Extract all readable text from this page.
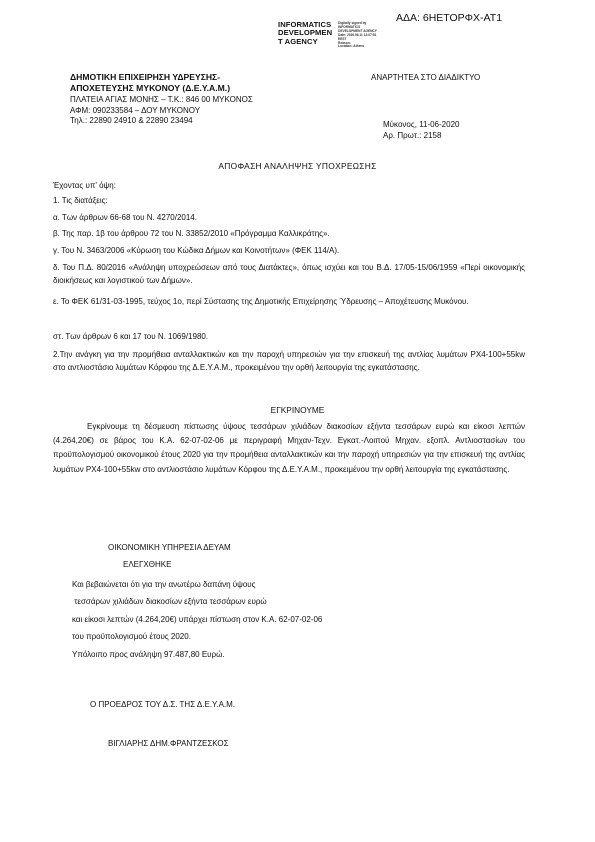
ΑΔΑ: 6ΗΕΤΟΡΦΧ-ΑΤ1
INFORMATICS
DEVELOPMEN
T AGENCY
Digitally signed by
INFORMATICS
DEVELOPMENT AGENCY
Date: 2020.06.11 12:07:51
EEST
Reason:
Location: Athens
ΔΗΜΟΤΙΚΗ ΕΠΙΧΕΙΡΗΣΗ ΥΔΡΕΥΣΗΣ-
ΑΠΟΧΕΤΕΥΣΗΣ ΜΥΚΟΝΟΥ (Δ.Ε.Υ.Α.Μ.)
ΠΛΑΤΕΙΑ ΑΓΙΑΣ ΜΟΝΗΣ – Τ.Κ.: 846 00 ΜΥΚΟΝΟΣ
ΑΦΜ: 090233584 – ΔΟΥ ΜΥΚΟΝΟΥ
Τηλ.: 22890 24910 & 22890 23494
ΑΝΑΡΤΗΤΕΑ ΣΤΟ ΔΙΑΔΙΚΤΥΟ
Μύκονος, 11-06-2020
Αρ. Πρωτ.: 2158
ΑΠΟΦΑΣΗ ΑΝΑΛΗΨΗΣ ΥΠΟΧΡΕΩΣΗΣ
Έχοντας υπ' όψη:
1. Τις διατάξεις:
α. Των άρθρων 66-68 του Ν. 4270/2014.
β. Της παρ. 1β του άρθρου 72 του Ν. 33852/2010 «Πρόγραμμα Καλλικράτης».
γ. Του Ν. 3463/2006 «Κύρωση του Κώδικα Δήμων και Κοινοτήτων» (ΦΕΚ 114/Α).
δ. Του Π.Δ. 80/2016 «Ανάληψη υποχρεώσεων από τους Διατάκτες», όπως ισχύει και του Β.Δ. 17/05-15/06/1959 «Περί οικονομικής διοικήσεως και λογιστικού των Δήμων».
ε. Το ΦΕΚ 61/31-03-1995, τεύχος 1ο, περί Σύστασης της Δημοτικής Επιχείρησης Ύδρευσης – Αποχέτευσης Μυκόνου.
στ. Των άρθρων 6 και 17 του Ν. 1069/1980.
2.Την ανάγκη για την προμήθεια ανταλλακτικών και την παροχή υπηρεσιών για την επισκευή της αντλίας λυμάτων PX4-100+55kw στο αντλιοστάσιο λυμάτων Κόρφου της Δ.Ε.Υ.Α.Μ., προκειμένου την ορθή λειτουργία της εγκατάστασης.
ΕΓΚΡΙΝΟΥΜΕ
Εγκρίνουμε τη δέσμευση πίστωσης ύψους τεσσάρων χιλιάδων διακοσίων εξήντα τεσσάρων ευρώ και είκοσι λεπτών (4.264,20€) σε βάρος του Κ.Α. 62-07-02-06 με περιγραφή Μηχαν-Τεχν. Εγκατ.-Λοιπού Μηχαν. εξοπλ. Αντλιοστασίων του προϋπολογισμού οικονομικού έτους 2020 για την προμήθεια ανταλλακτικών και την παροχή υπηρεσιών για την επισκευή της αντλίας λυμάτων PX4-100+55kw στο αντλιοστάσιο λυμάτων Κόρφου της Δ.Ε.Υ.Α.Μ., προκειμένου την ορθή λειτουργία της εγκατάστασης.
ΟΙΚΟΝΟΜΙΚΗ ΥΠΗΡΕΣΙΑ ΔΕΥΑΜ
ΕΛΕΓΧΘΗΚΕ
Και βεβαιώνεται ότι για την ανωτέρω δαπάνη ύψους
τεσσάρων χιλιάδων διακοσίων εξήντα τεσσάρων ευρώ
και είκοσι λεπτών (4.264,20€) υπάρχει πίστωση στον Κ.Α. 62-07-02-06
του προϋπολογισμού έτους 2020.
Υπόλοιπο προς ανάληψη 97.487,80 Ευρώ.
Ο ΠΡΟΕΔΡΟΣ ΤΟΥ Δ.Σ. ΤΗΣ Δ.Ε.Υ.Α.Μ.
ΒΙΓΛΙΑΡΗΣ ΔΗΜ.ΦΡΑΝΤΖΕΣΚΟΣ
